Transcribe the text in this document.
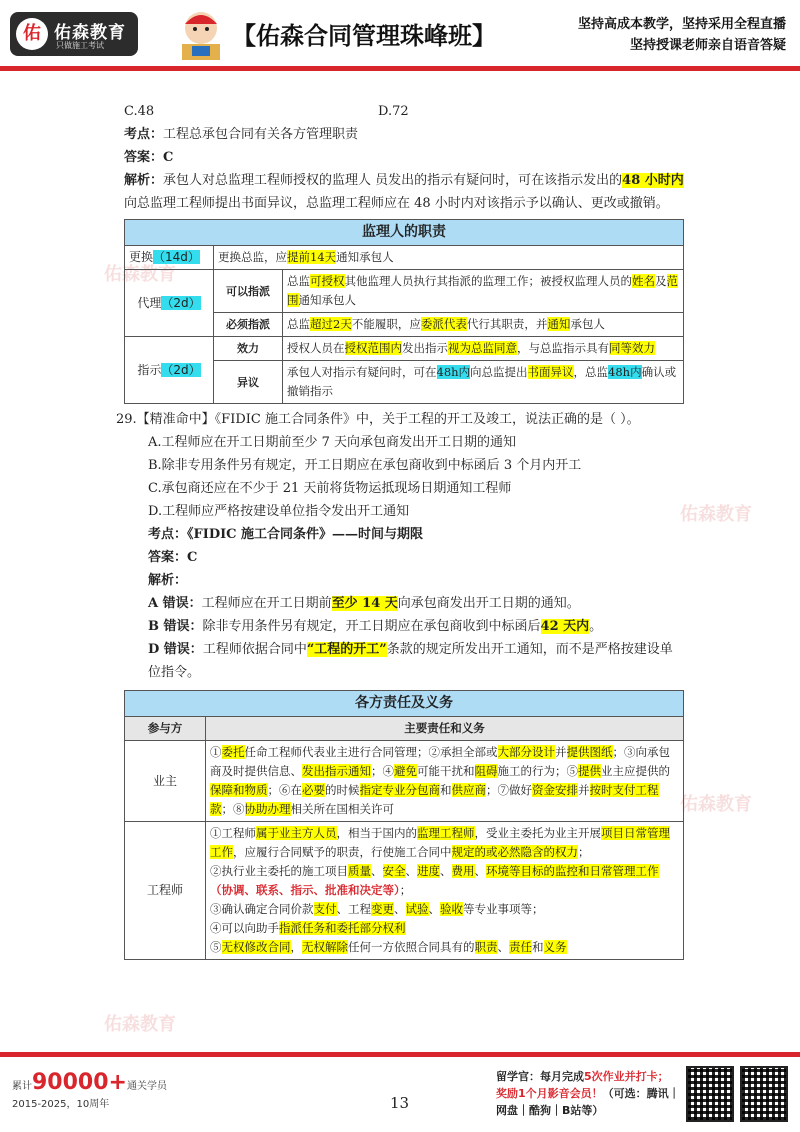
佑 佑森教育
只做施工考试	【佑森合同管理珠峰班】	坚持高成本教学，坚持采用全程直播
坚持授课老师亲自语音答疑
佑森教育
佑森教育
佑森教育
佑森教育
C.48	D.72

考点：工程总承包合同有关各方管理职责

答案：C

解析：承包人对总监理工程师授权的监理人 员发出的指示有疑问时，可在该指示发出的48 小时内向总监理工程师提出书面异议，总监理工程师应在 48 小时内对该指示予以确认、更改或撤销。

监理人的职责		
更换（14d）	更换总监，应提前14天通知承包人	
代理（2d）	可以指派	总监可授权其他监理人员执行其指派的监理工作；被授权监理人员的姓名及范围通知承包人
	必须指派	总监超过2天不能履职，应委派代表代行其职责，并通知承包人
指示（2d）	效力	授权人员在授权范围内发出指示视为总监同意，与总监指示具有同等效力
	异议	承包人对指示有疑问时，可在48h内向总监提出书面异议，总监48h内确认或撤销指示

29.【精准命中】《FIDIC 施工合同条件》中，关于工程的开工及竣工，说法正确的是（ ）。

A.工程师应在开工日期前至少 7 天向承包商发出开工日期的通知

B.除非专用条件另有规定，开工日期应在承包商收到中标函后 3 个月内开工

C.承包商还应在不少于 21 天前将货物运抵现场日期通知工程师

D.工程师应严格按建设单位指令发出开工通知

考点：《FIDIC 施工合同条件》——时间与期限

答案：C

解析：

A 错误：工程师应在开工日期前至少 14 天向承包商发出开工日期的通知。

B 错误：除非专用条件另有规定，开工日期应在承包商收到中标函后42 天内。

D 错误：工程师依据合同中“工程的开工”条款的规定所发出开工通知，而不是严格按建设单位指令。

各方责任及义务	
参与方	主要责任和义务
业主	①委托任命工程师代表业主进行合同管理；②承担全部或大部分设计并提供图纸；③向承包商及时提供信息、发出指示通知；④避免可能干扰和阻碍施工的行为；⑤提供业主应提供的保障和物质；⑥在必要的时候指定专业分包商和供应商；⑦做好资金安排并按时支付工程款；⑧协助办理相关所在国相关许可
工程师	①工程师属于业主方人员，相当于国内的监理工程师，受业主委托为业主开展项目日常管理工作，应履行合同赋予的职责，行使施工合同中规定的或必然隐含的权力；
②执行业主委托的施工项目质量、安全、进度、费用、环境等目标的监控和日常管理工作（协调、联系、指示、批准和决定等）；
③确认确定合同价款支付、工程变更、试验、验收等专业事项等；
④可以向助手指派任务和委托部分权利
⑤无权修改合同，无权解除任何一方依照合同具有的职责、责任和义务
累计90000+通关学员
2015-2025，10周年	13
留学官：每月完成5次作业并打卡；
奖励1个月影音会员！（可选：腾讯｜网盘｜酷狗｜B站等）
